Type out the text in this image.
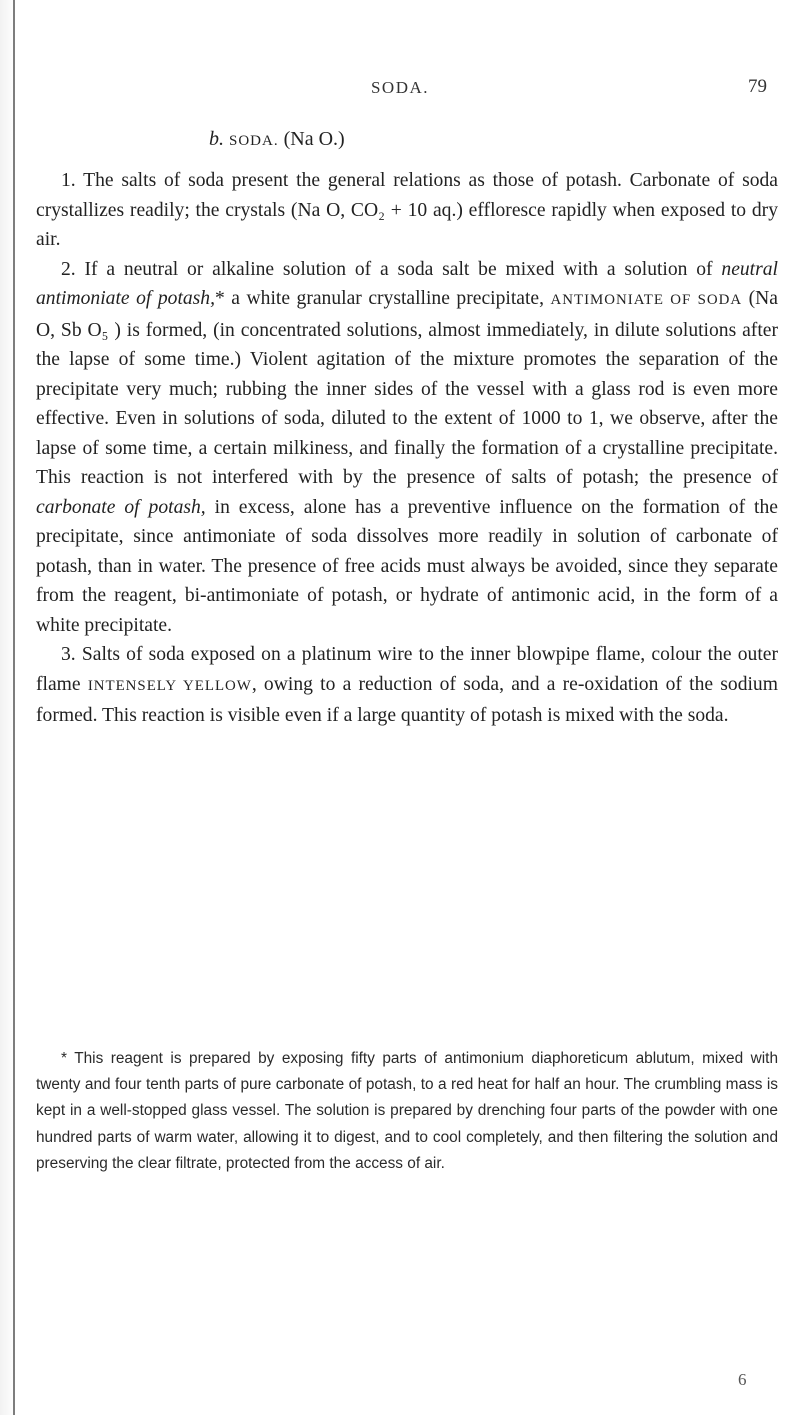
SODA.	79
b. SODA. (Na O.)

1. The salts of soda present the general relations as those of potash. Carbonate of soda crystallizes readily; the crystals (Na O, CO₂ + 10 aq.) effloresce rapidly when exposed to dry air.

2. If a neutral or alkaline solution of a soda salt be mixed with a solution of neutral antimoniate of potash,* a white granular crystalline precipitate, ANTIMONIATE OF SODA (Na O, Sb O₅ ) is formed, (in concentrated solutions, almost immediately, in dilute solutions after the lapse of some time.) Violent agitation of the mixture promotes the separation of the precipitate very much; rubbing the inner sides of the vessel with a glass rod is even more effective. Even in solutions of soda, diluted to the extent of 1000 to 1, we observe, after the lapse of some time, a certain milkiness, and finally the formation of a crystalline precipitate. This reaction is not interfered with by the presence of salts of potash; the presence of carbonate of potash, in excess, alone has a preventive influence on the formation of the precipitate, since antimoniate of soda dissolves more readily in solution of carbonate of potash, than in water. The presence of free acids must always be avoided, since they separate from the reagent, bi-antimoniate of potash, or hydrate of antimonic acid, in the form of a white precipitate.

3. Salts of soda exposed on a platinum wire to the inner blowpipe flame, colour the outer flame INTENSELY YELLOW, owing to a reduction of soda, and a re-oxidation of the sodium formed. This reaction is visible even if a large quantity of potash is mixed with the soda.

* This reagent is prepared by exposing fifty parts of antimonium diaphoreticum ablutum, mixed with twenty and four tenth parts of pure carbonate of potash, to a red heat for half an hour. The crumbling mass is kept in a well-stopped glass vessel. The solution is prepared by drenching four parts of the powder with one hundred parts of warm water, allowing it to digest, and to cool completely, and then filtering the solution and preserving the clear filtrate, protected from the access of air.
6
